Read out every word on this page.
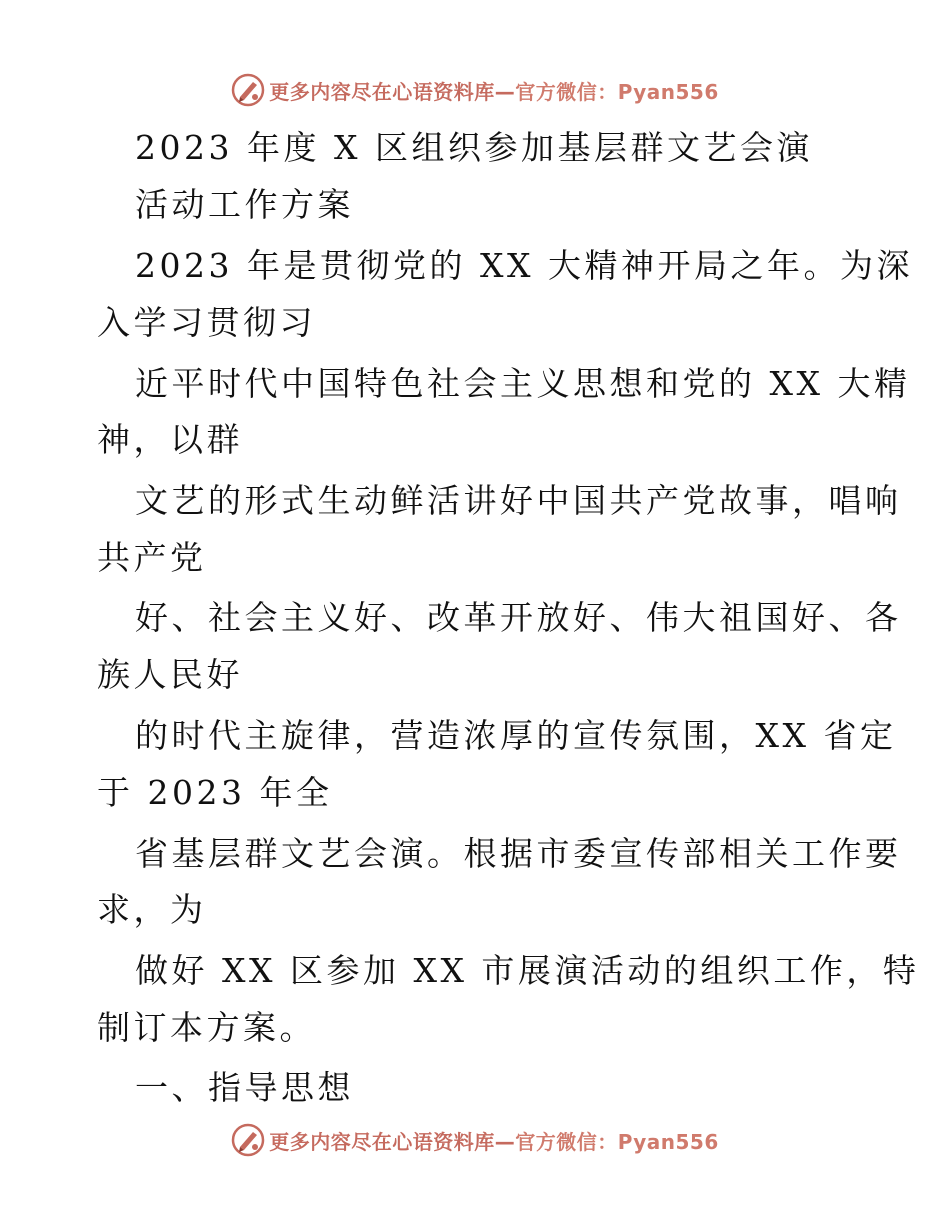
更多内容尽在心语资料库—官方微信：Pyan556
2023 年度 X 区组织参加基层群文艺会演
活动工作方案
2023 年是贯彻党的 XX 大精神开局之年。为深
入学习贯彻习
近平时代中国特色社会主义思想和党的 XX 大精
神，以群
文艺的形式生动鲜活讲好中国共产党故事，唱响
共产党
好、社会主义好、改革开放好、伟大祖国好、各
族人民好
的时代主旋律，营造浓厚的宣传氛围，XX 省定
于 2023 年全
省基层群文艺会演。根据市委宣传部相关工作要
求，为
做好 XX 区参加 XX 市展演活动的组织工作，特
制订本方案。
一、指导思想
更多内容尽在心语资料库—官方微信：Pyan556
